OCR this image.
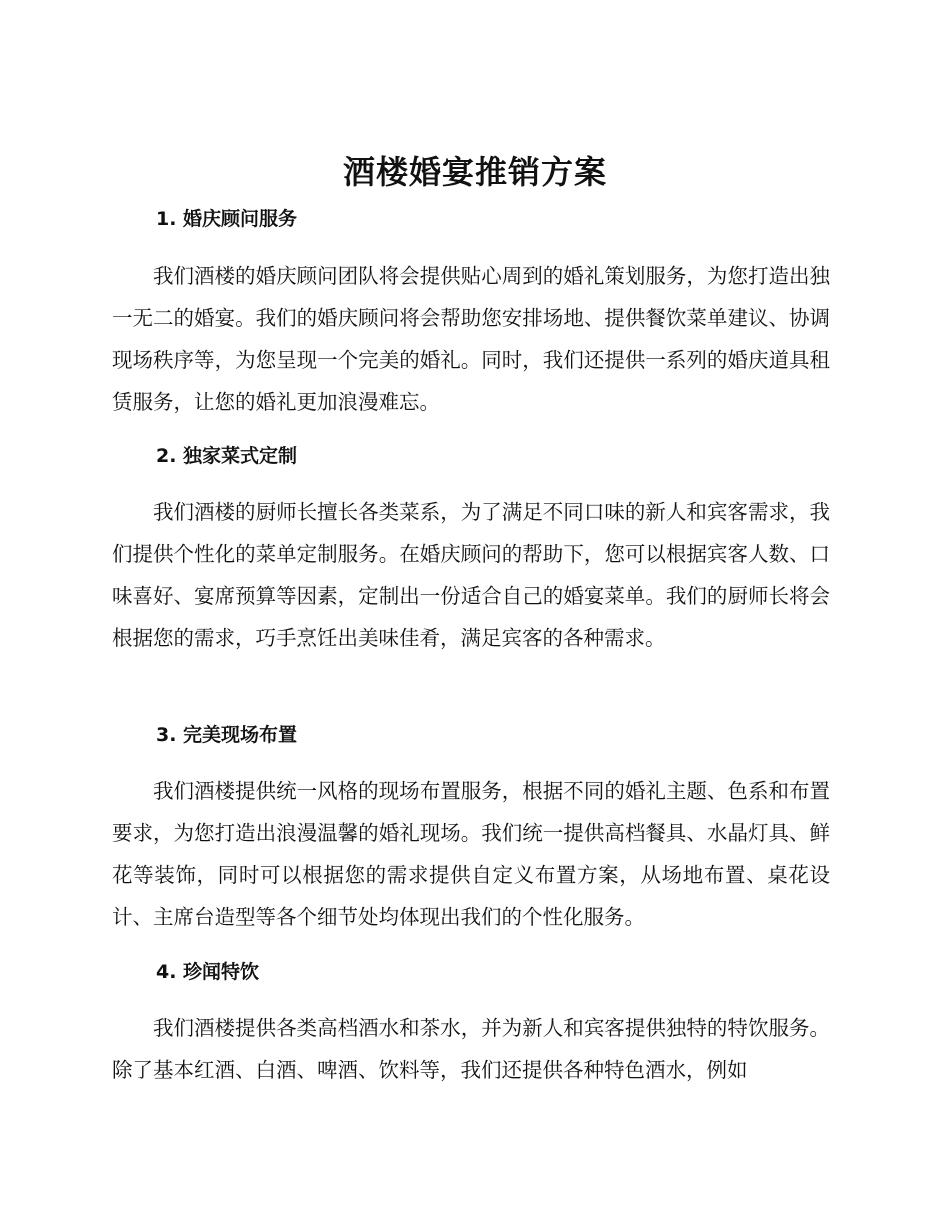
酒楼婚宴推销方案
1. 婚庆顾问服务

我们酒楼的婚庆顾问团队将会提供贴心周到的婚礼策划服务，为您打造出独一无二的婚宴。我们的婚庆顾问将会帮助您安排场地、提供餐饮菜单建议、协调现场秩序等，为您呈现一个完美的婚礼。同时，我们还提供一系列的婚庆道具租赁服务，让您的婚礼更加浪漫难忘。

2. 独家菜式定制

我们酒楼的厨师长擅长各类菜系，为了满足不同口味的新人和宾客需求，我们提供个性化的菜单定制服务。在婚庆顾问的帮助下，您可以根据宾客人数、口味喜好、宴席预算等因素，定制出一份适合自己的婚宴菜单。我们的厨师长将会根据您的需求，巧手烹饪出美味佳肴，满足宾客的各种需求。

3. 完美现场布置

我们酒楼提供统一风格的现场布置服务，根据不同的婚礼主题、色系和布置要求，为您打造出浪漫温馨的婚礼现场。我们统一提供高档餐具、水晶灯具、鲜花等装饰，同时可以根据您的需求提供自定义布置方案，从场地布置、桌花设计、主席台造型等各个细节处均体现出我们的个性化服务。

4. 珍闻特饮

我们酒楼提供各类高档酒水和茶水，并为新人和宾客提供独特的特饮服务。除了基本红酒、白酒、啤酒、饮料等，我们还提供各种特色酒水，例如
